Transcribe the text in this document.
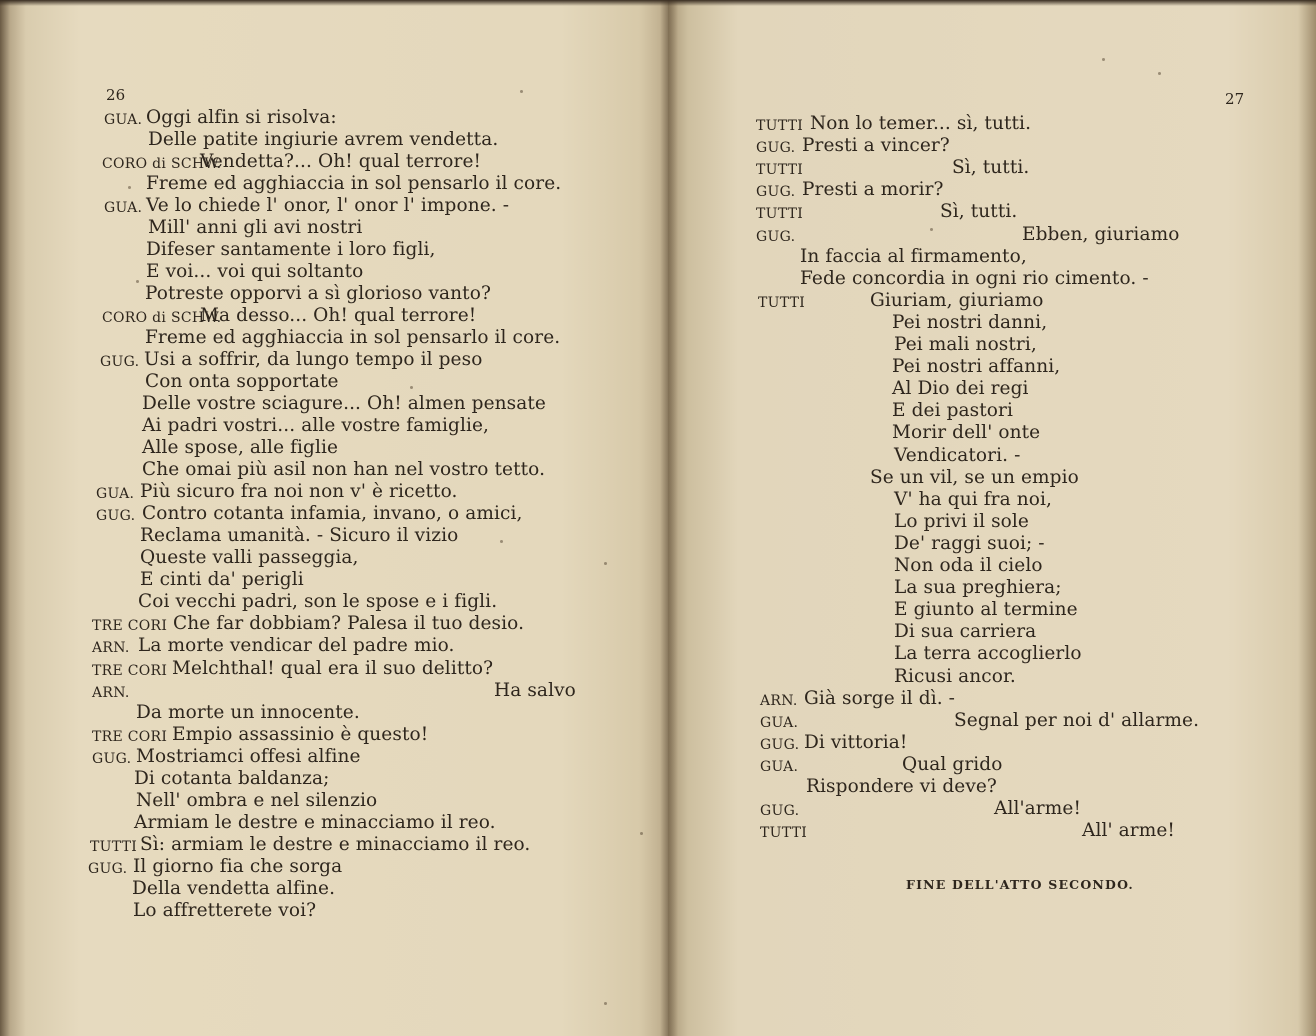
26
GUA. Oggi alfin si risolva:
Delle patite ingiurie avrem vendetta.
CORO di SCHW.
Vendetta?... Oh! qual terrore!
Freme ed agghiaccia in sol pensarlo il core.
GUA. Ve lo chiede l' onor, l' onor l' impone. -
Mill' anni gli avi nostri
Difeser santamente i loro figli,
E voi... voi qui soltanto
Potreste opporvi a sì glorioso vanto?
CORO di SCHW.
Ma desso... Oh! qual terrore!
Freme ed agghiaccia in sol pensarlo il core.
GUG. Usi a soffrir, da lungo tempo il peso
Con onta sopportate
Delle vostre sciagure... Oh! almen pensate
Ai padri vostri... alle vostre famiglie,
Alle spose, alle figlie
Che omai più asil non han nel vostro tetto.
GUA. Più sicuro fra noi non v' è ricetto.
GUG. Contro cotanta infamia, invano, o amici,
Reclama umanità. - Sicuro il vizio
Queste valli passeggia,
E cinti da' perigli
Coi vecchi padri, son le spose e i figli.
TRE CORI Che far dobbiam? Palesa il tuo desio.
ARN. La morte vendicar del padre mio.
TRE CORI Melchthal! qual era il suo delitto?
ARN.	Ha salvo
Da morte un innocente.
TRE CORI Empio assassinio è questo!
GUG. Mostriamci offesi alfine
Di cotanta baldanza;
Nell' ombra e nel silenzio
Armiam le destre e minacciamo il reo.
TUTTI Sì: armiam le destre e minacciamo il reo.
GUG. Il giorno fia che sorga
Della vendetta alfine.
Lo affretterete voi?
27
FINE DELL'ATTO SECONDO.
TUTTI Non lo temer... sì, tutti.
GUG. Presti a vincer?
TUTTI	Sì, tutti.
GUG. Presti a morir?
TUTTI	Sì, tutti.
GUG.	Ebben, giuriamo
In faccia al firmamento,
Fede concordia in ogni rio cimento. -
TUTTI	Giuriam, giuriamo
Pei nostri danni,
Pei mali nostri,
Pei nostri affanni,
Al Dio dei regi
E dei pastori
Morir dell' onte
Vendicatori. -
Se un vil, se un empio
V' ha qui fra noi,
Lo privi il sole
De' raggi suoi; -
Non oda il cielo
La sua preghiera;
E giunto al termine
Di sua carriera
La terra accoglierlo
Ricusi ancor.
ARN. Già sorge il dì. -
GUA.	Segnal per noi d' allarme.
GUG. Di vittoria!
GUA.	Qual grido
Rispondere vi deve?
GUG.	All'arme!
TUTTI	All' arme!
